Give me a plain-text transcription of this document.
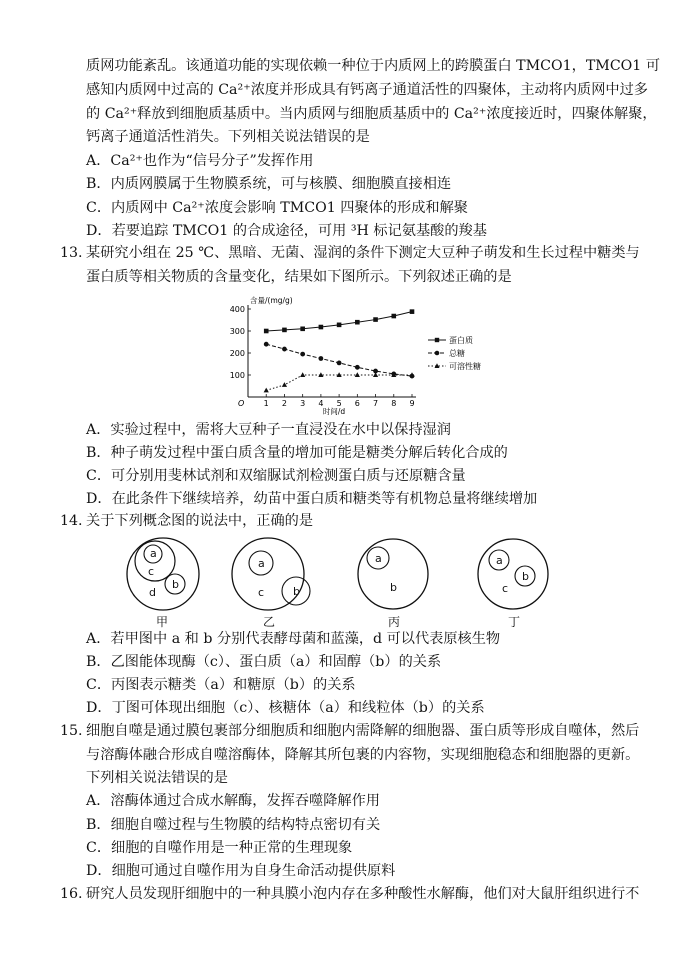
质网功能紊乱。该通道功能的实现依赖一种位于内质网上的跨膜蛋白 TMCO1，TMCO1 可
感知内质网中过高的 Ca²⁺浓度并形成具有钙离子通道活性的四聚体，主动将内质网中过多
的 Ca²⁺释放到细胞质基质中。当内质网与细胞质基质中的 Ca²⁺浓度接近时，四聚体解聚，
钙离子通道活性消失。下列相关说法错误的是
A．Ca²⁺也作为“信号分子”发挥作用
B．内质网膜属于生物膜系统，可与核膜、细胞膜直接相连
C．内质网中 Ca²⁺浓度会影响 TMCO1 四聚体的形成和解聚
D．若要追踪 TMCO1 的合成途径，可用 ³H 标记氨基酸的羧基
13. 某研究小组在 25 ℃、黑暗、无菌、湿润的条件下测定大豆种子萌发和生长过程中糖类与
蛋白质等相关物质的含量变化，结果如下图所示。下列叙述正确的是
含量/(mg/g)
O
100
200
300
400
1 2 3 4 5 6 7 8 9
时间/d
蛋白质
总糖
可溶性糖
A．实验过程中，需将大豆种子一直浸没在水中以保持湿润
B．种子萌发过程中蛋白质含量的增加可能是糖类分解后转化合成的
C．可分别用斐林试剂和双缩脲试剂检测蛋白质与还原糖含量
D．在此条件下继续培养，幼苗中蛋白质和糖类等有机物总量将继续增加
14. 关于下列概念图的说法中，正确的是
a
c
b
d
甲
a
c	b
乙
a
b
丙
a
b
c
丁
A．若甲图中 a 和 b 分别代表酵母菌和蓝藻，d 可以代表原核生物
B．乙图能体现酶（c）、蛋白质（a）和固醇（b）的关系
C．丙图表示糖类（a）和糖原（b）的关系
D．丁图可体现出细胞（c）、核糖体（a）和线粒体（b）的关系
15. 细胞自噬是通过膜包裹部分细胞质和细胞内需降解的细胞器、蛋白质等形成自噬体，然后
与溶酶体融合形成自噬溶酶体，降解其所包裹的内容物，实现细胞稳态和细胞器的更新。
下列相关说法错误的是
A．溶酶体通过合成水解酶，发挥吞噬降解作用
B．细胞自噬过程与生物膜的结构特点密切有关
C．细胞的自噬作用是一种正常的生理现象
D．细胞可通过自噬作用为自身生命活动提供原料
16. 研究人员发现肝细胞中的一种具膜小泡内存在多种酸性水解酶，他们对大鼠肝组织进行不
